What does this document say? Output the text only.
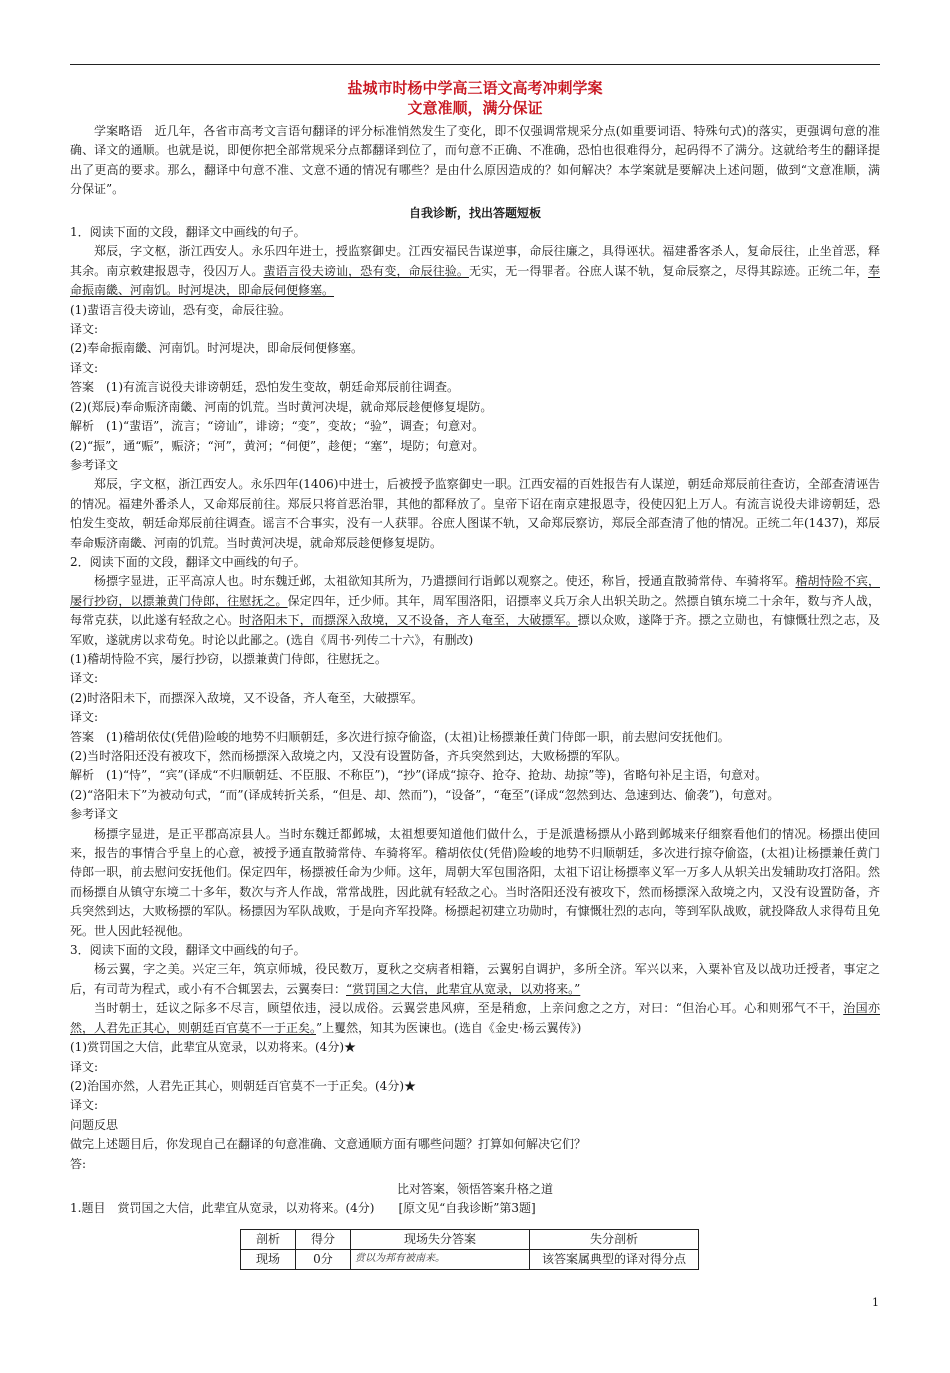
盐城市时杨中学高三语文高考冲刺学案
文意准顺，满分保证

学案略语　近几年，各省市高考文言语句翻译的评分标准悄然发生了变化，即不仅强调常规采分点(如重要词语、特殊句式)的落实，更强调句意的准确、译文的通顺。也就是说，即便你把全部常规采分点都翻译到位了，而句意不正确、不准确，恐怕也很难得分，起码得不了满分。这就给考生的翻译提出了更高的要求。那么，翻译中句意不准、文意不通的情况有哪些？是由什么原因造成的？如何解决？本学案就是要解决上述问题，做到“文意准顺，满分保证”。

自我诊断，找出答题短板

1．阅读下面的文段，翻译文中画线的句子。

郑辰，字文枢，浙江西安人。永乐四年进士，授监察御史。江西安福民告谋逆事，命辰往廉之，具得诬状。福建番客杀人，复命辰往，止坐首恶，释其余。南京敕建报恩寺，役囚万人。蜚语言役夫谤讪，恐有变，命辰往验。无实，无一得罪者。谷庶人谋不轨，复命辰察之，尽得其踪迹。正统二年，奉命振南畿、河南饥。时河堤决，即命辰伺便修塞。

(1)蜚语言役夫谤讪，恐有变，命辰往验。

译文:

(2)奉命振南畿、河南饥。时河堤决，即命辰伺便修塞。

译文:

答案　(1)有流言说役夫诽谤朝廷，恐怕发生变故，朝廷命郑辰前往调查。

(2)(郑辰)奉命赈济南畿、河南的饥荒。当时黄河决堤，就命郑辰趁便修复堤防。

解析　(1)“蜚语”，流言；“谤讪”，诽谤；“变”，变故；“验”，调查；句意对。

(2)“振”，通“赈”，赈济；“河”，黄河；“伺便”，趁便；“塞”，堤防；句意对。

参考译文

郑辰，字文枢，浙江西安人。永乐四年(1406)中进士，后被授予监察御史一职。江西安福的百姓报告有人谋逆，朝廷命郑辰前往查访，全部查清诬告的情况。福建外番杀人，又命郑辰前往。郑辰只将首恶治罪，其他的都释放了。皇帝下诏在南京建报恩寺，役使囚犯上万人。有流言说役夫诽谤朝廷，恐怕发生变故，朝廷命郑辰前往调查。谣言不合事实，没有一人获罪。谷庶人图谋不轨，又命郑辰察访，郑辰全部查清了他的情况。正统二年(1437)，郑辰奉命赈济南畿、河南的饥荒。当时黄河决堤，就命郑辰趁便修复堤防。

2．阅读下面的文段，翻译文中画线的句子。

杨摽字显进，正平高凉人也。时东魏迁邺，太祖欲知其所为，乃遣摽间行诣邺以观察之。使还，称旨，授通直散骑常侍、车骑将军。稽胡恃险不宾，屡行抄窃，以摽兼黄门侍郎，往慰抚之。保定四年，迁少师。其年，周军围洛阳，诏摽率义兵万余人出轵关助之。然摽自镇东境二十余年，数与齐人战，每常克获，以此遂有轻敌之心。时洛阳未下，而摽深入敌境，又不设备，齐人奄至，大破摽军。摽以众败，遂降于齐。摽之立勋也，有慷慨壮烈之志，及军败，遂就虏以求苟免。时论以此鄙之。(选自《周书·列传二十六》，有删改)

(1)稽胡恃险不宾，屡行抄窃，以摽兼黄门侍郎，往慰抚之。

译文:

(2)时洛阳未下，而摽深入敌境，又不设备，齐人奄至，大破摽军。

译文:

答案　(1)稽胡依仗(凭借)险峻的地势不归顺朝廷，多次进行掠夺偷盗，(太祖)让杨摽兼任黄门侍郎一职，前去慰问安抚他们。

(2)当时洛阳还没有被攻下，然而杨摽深入敌境之内，又没有设置防备，齐兵突然到达，大败杨摽的军队。

解析　(1)“恃”，“宾”(译成“不归顺朝廷、不臣服、不称臣”)，“抄”(译成“掠夺、抢夺、抢劫、劫掠”等)，省略句补足主语，句意对。

(2)“洛阳未下”为被动句式，“而”(译成转折关系，“但是、却、然而”)，“设备”，“奄至”(译成“忽然到达、急速到达、偷袭”)，句意对。

参考译文

杨摽字显进，是正平郡高凉县人。当时东魏迁都邺城，太祖想要知道他们做什么，于是派遣杨摽从小路到邺城来仔细察看他们的情况。杨摽出使回来，报告的事情合乎皇上的心意，被授予通直散骑常侍、车骑将军。稽胡依仗(凭借)险峻的地势不归顺朝廷，多次进行掠夺偷盗，(太祖)让杨摽兼任黄门侍郎一职，前去慰问安抚他们。保定四年，杨摽被任命为少师。这年，周朝大军包围洛阳，太祖下诏让杨摽率义军一万多人从轵关出发辅助攻打洛阳。然而杨摽自从镇守东境二十多年，数次与齐人作战，常常战胜，因此就有轻敌之心。当时洛阳还没有被攻下，然而杨摽深入敌境之内，又没有设置防备，齐兵突然到达，大败杨摽的军队。杨摽因为军队战败，于是向齐军投降。杨摽起初建立功勋时，有慷慨壮烈的志向，等到军队战败，就投降敌人求得苟且免死。世人因此轻视他。

3．阅读下面的文段，翻译文中画线的句子。

杨云翼，字之美。兴定三年，筑京师城，役民数万，夏秋之交病者相籍，云翼躬自调护，多所全济。军兴以来，入粟补官及以战功迁授者，事定之后，有司苛为程式，或小有不合辄罢去，云翼奏曰：“赏罚国之大信，此辈宜从宽录，以劝将来。”

当时朝士，廷议之际多不尽言，顾望依违，浸以成俗。云翼尝患风痹，至是稍愈，上亲问愈之之方，对曰：“但治心耳。心和则邪气不干，治国亦然，人君先正其心，则朝廷百官莫不一于正矣。”上矍然，知其为医谏也。(选自《金史·杨云翼传》)

(1)赏罚国之大信，此辈宜从宽录，以劝将来。(4分)★

译文:

(2)治国亦然，人君先正其心，则朝廷百官莫不一于正矣。(4分)★

译文:

问题反思

做完上述题目后，你发现自己在翻译的句意准确、文意通顺方面有哪些问题？打算如何解决它们？

答:

比对答案，领悟答案升格之道

1.题目　赏罚国之大信，此辈宜从宽录，以劝将来。(4分)　　[原文见“自我诊断”第3题]

剖析	得分	现场失分答案	失分剖析
现场	0分	赏以为邦有被南来。	该答案属典型的译对得分点
1
